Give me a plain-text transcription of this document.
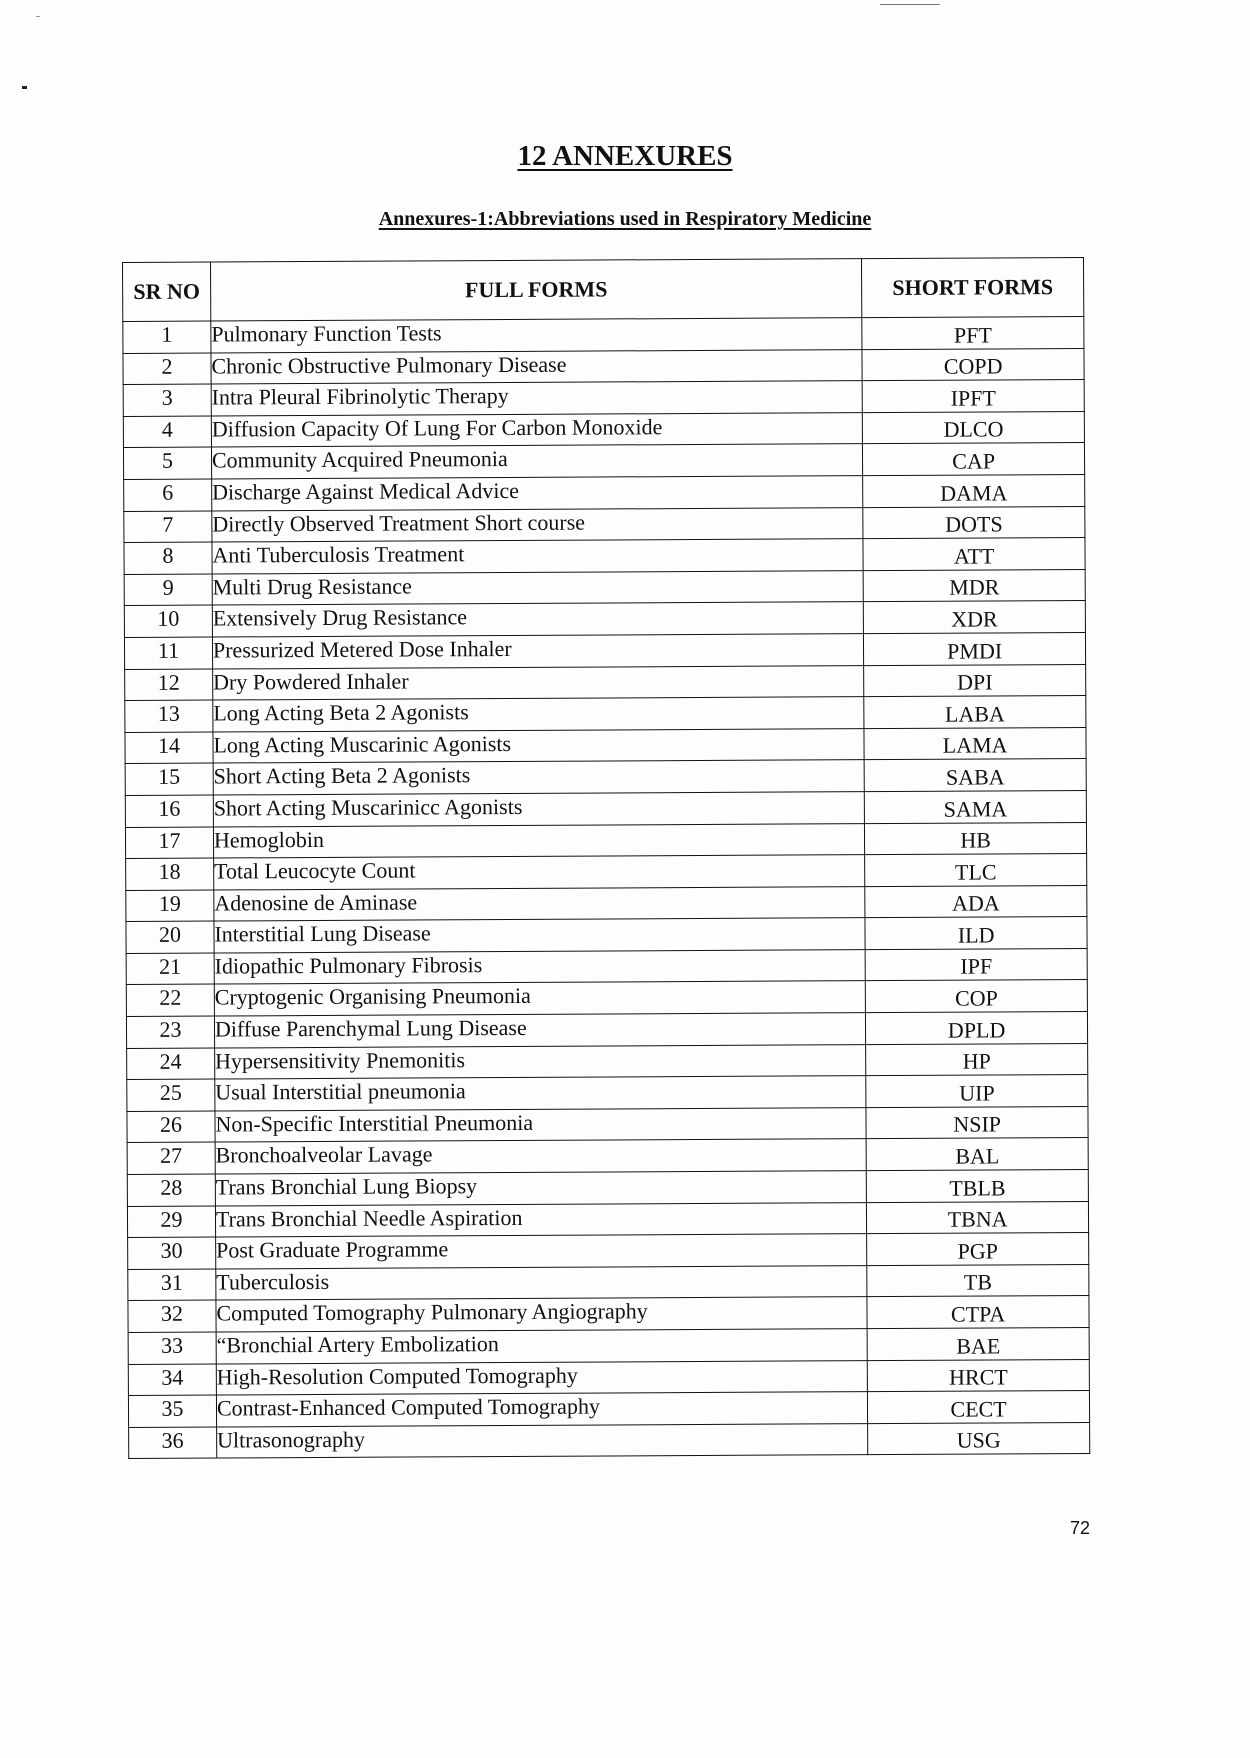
12 ANNEXURES
Annexures-1:Abbreviations used in Respiratory Medicine
SR NO	FULL FORMS	SHORT FORMS
1	Pulmonary Function Tests	PFT
2	Chronic Obstructive Pulmonary Disease	COPD
3	Intra Pleural Fibrinolytic Therapy	IPFT
4	Diffusion Capacity Of Lung For Carbon Monoxide	DLCO
5	Community Acquired Pneumonia	CAP
6	Discharge Against Medical Advice	DAMA
7	Directly Observed Treatment Short course	DOTS
8	Anti Tuberculosis Treatment	ATT
9	Multi Drug Resistance	MDR
10	Extensively Drug Resistance	XDR
11	Pressurized Metered Dose Inhaler	PMDI
12	Dry Powdered Inhaler	DPI
13	Long Acting Beta 2 Agonists	LABA
14	Long Acting Muscarinic Agonists	LAMA
15	Short Acting Beta 2 Agonists	SABA
16	Short Acting Muscarinicc Agonists	SAMA
17	Hemoglobin	HB
18	Total Leucocyte Count	TLC
19	Adenosine de Aminase	ADA
20	Interstitial Lung Disease	ILD
21	Idiopathic Pulmonary Fibrosis	IPF
22	Cryptogenic Organising Pneumonia	COP
23	Diffuse Parenchymal Lung Disease	DPLD
24	Hypersensitivity Pnemonitis	HP
25	Usual Interstitial pneumonia	UIP
26	Non-Specific Interstitial Pneumonia	NSIP
27	Bronchoalveolar Lavage	BAL
28	Trans Bronchial Lung Biopsy	TBLB
29	Trans Bronchial Needle Aspiration	TBNA
30	Post Graduate Programme	PGP
31	Tuberculosis	TB
32	Computed Tomography Pulmonary Angiography	CTPA
33	“Bronchial Artery Embolization	BAE
34	High-Resolution Computed Tomography	HRCT
35	Contrast-Enhanced Computed Tomography	CECT
36	Ultrasonography	USG
72
